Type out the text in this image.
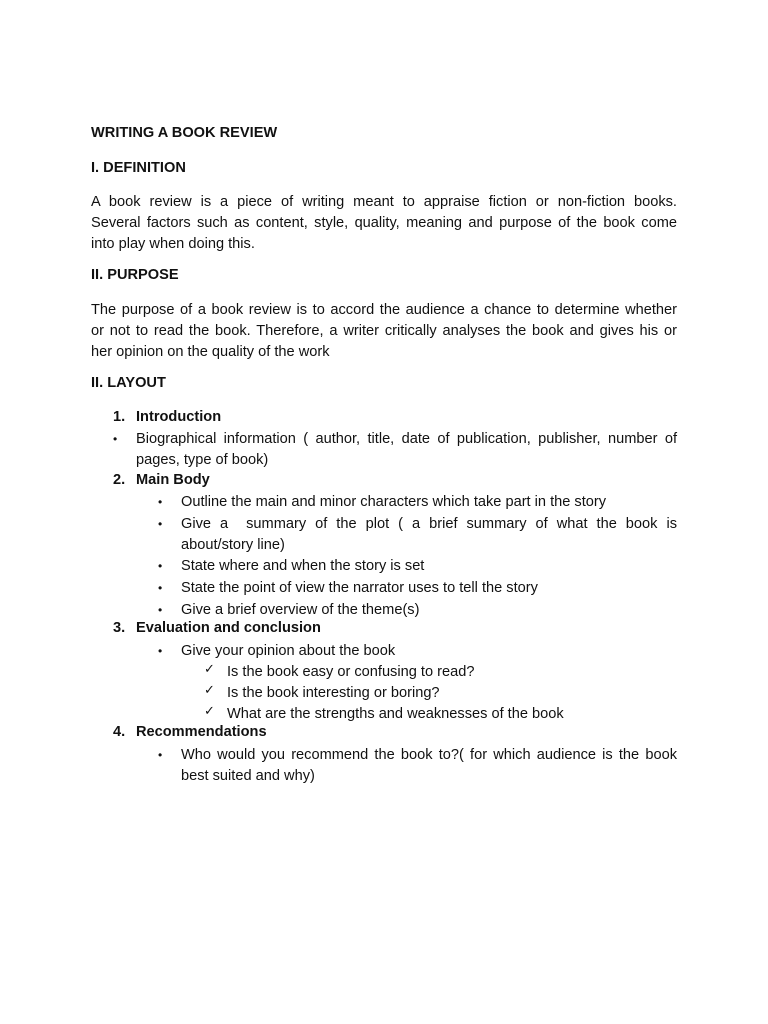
WRITING A BOOK REVIEW
I. DEFINITION
A book review is a piece of writing meant to appraise fiction or non-fiction books.
Several factors such as content, style, quality, meaning and purpose of the book come
into play when doing this.
II. PURPOSE
The purpose of a book review is to accord the audience a chance to determine whether
or not to read the book. Therefore, a writer critically analyses the book and gives his or
her opinion on the quality of the work
II. LAYOUT
1. Introduction
• Biographical information ( author, title, date of publication, publisher, number of
pages, type of book)
2. Main Body
• Outline the main and minor characters which take part in the story
• Give a  summary of the plot ( a brief summary of what the book is
about/story line)
• State where and when the story is set
• State the point of view the narrator uses to tell the story
• Give a brief overview of the theme(s)
3. Evaluation and conclusion
• Give your opinion about the book
✓ Is the book easy or confusing to read?
✓ Is the book interesting or boring?
✓ What are the strengths and weaknesses of the book
4. Recommendations
• Who would you recommend the book to?( for which audience is the book
best suited and why)
